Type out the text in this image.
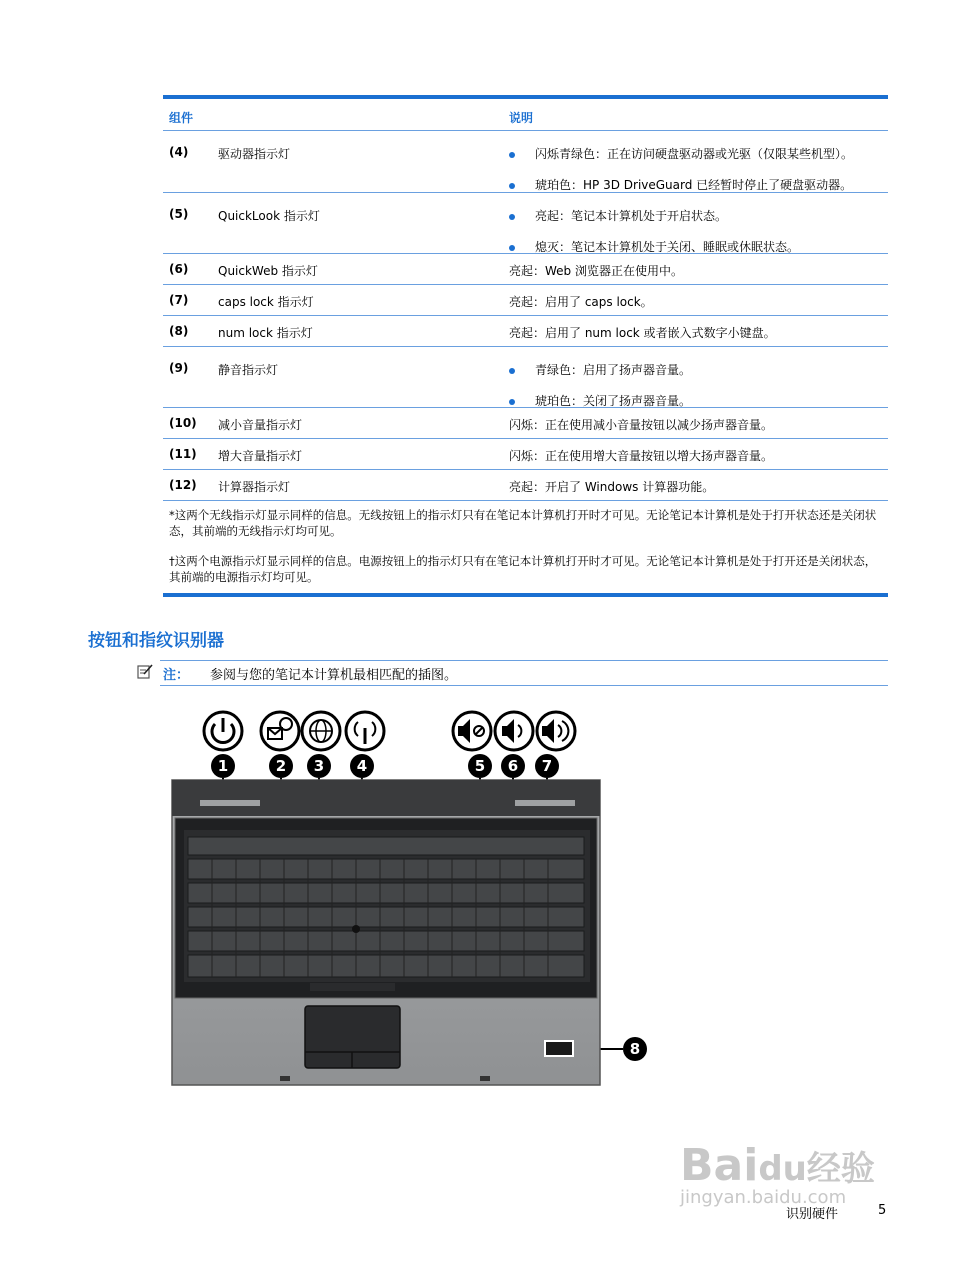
组件	说明
(4) 驱动器指示灯	闪烁青绿色：正在访问硬盘驱动器或光驱（仅限某些机型）。
琥珀色：HP 3D DriveGuard 已经暂时停止了硬盘驱动器。
(5) QuickLook 指示灯	亮起：笔记本计算机处于开启状态。
熄灭：笔记本计算机处于关闭、睡眠或休眠状态。
(6) QuickWeb 指示灯	亮起：Web 浏览器正在使用中。
(7) caps lock 指示灯	亮起：启用了 caps lock。
(8) num lock 指示灯	亮起：启用了 num lock 或者嵌入式数字小键盘。
(9) 静音指示灯	青绿色：启用了扬声器音量。
琥珀色：关闭了扬声器音量。
(10) 减小音量指示灯	闪烁：正在使用减小音量按钮以减少扬声器音量。
(11) 增大音量指示灯	闪烁：正在使用增大音量按钮以增大扬声器音量。
(12) 计算器指示灯	亮起：开启了 Windows 计算器功能。
*这两个无线指示灯显示同样的信息。无线按钮上的指示灯只有在笔记本计算机打开时才可见。无论笔记本计算机是处于打开状态还是关闭状态，其前端的无线指示灯均可见。
†这两个电源指示灯显示同样的信息。电源按钮上的指示灯只有在笔记本计算机打开时才可见。无论笔记本计算机是处于打开还是关闭状态，其前端的电源指示灯均可见。
按钮和指纹识别器
注： 参阅与您的笔记本计算机最相匹配的插图。
1	2 3 4	5 6 7
8
Baidu经验
jingyan.baidu.com
识别硬件	5
